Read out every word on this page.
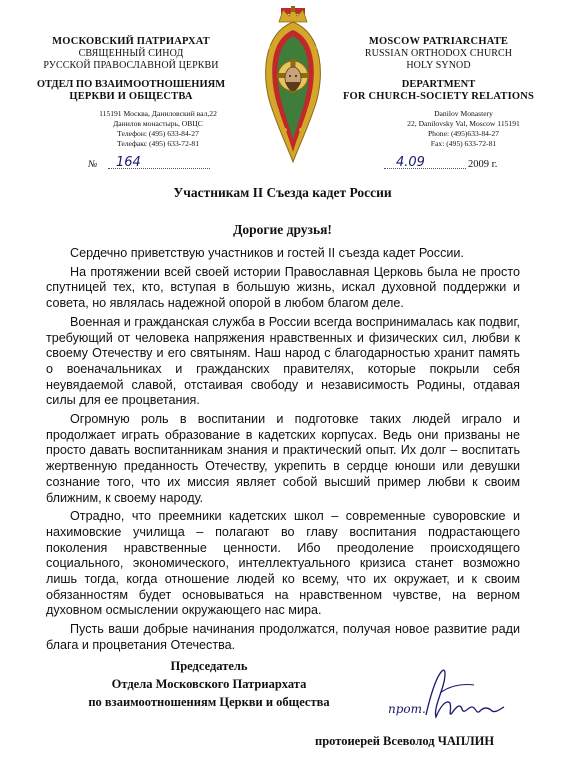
МОСКОВСКИЙ ПАТРИАРХАТ
СВЯЩЕННЫЙ СИНОД
РУССКОЙ ПРАВОСЛАВНОЙ ЦЕРКВИ
ОТДЕЛ ПО ВЗАИМООТНОШЕНИЯМ
ЦЕРКВИ И ОБЩЕСТВА
115191 Москва, Даниловский вал,22
Данилов монастырь, ОВЦС
Телефон: (495) 633-84-27
Телефакс (495) 633-72-81
MOSCOW PATRIARCHATE
RUSSIAN ORTHODOX CHURCH
HOLY SYNOD
DEPARTMENT
FOR CHURCH-SOCIETY RELATIONS
Danilov Monastery
22, Danilovsky Val, Moscow 115191
Phone: (495)633-84-27
Fax: (495) 633-72-81
№ 164	4.09	2009 г.
Участникам II Съезда кадет России
Дорогие друзья!

Сердечно приветствую участников и гостей II съезда кадет России.

На протяжении всей своей истории Православная Церковь была не просто спутницей тех, кто, вступая в большую жизнь, искал духовной поддержки и совета, но являлась надежной опорой в любом благом деле.

Военная и гражданская служба в России всегда воспринималась как подвиг, требующий от человека напряжения нравственных и физических сил, любви к своему Отечеству и его святыням. Наш народ с благодарностью хранит память о военачальниках и гражданских правителях, которые покрыли себя неувядаемой славой, отстаивая свободу и независимость Родины, отдавая силы для ее процветания.

Огромную роль в воспитании и подготовке таких людей играло и продолжает играть образование в кадетских корпусах. Ведь они призваны не просто давать воспитанникам знания и практический опыт. Их долг – воспитать жертвенную преданность Отечеству, укрепить в сердце юноши или девушки сознание того, что их миссия являет собой высший пример любви к своим ближним, к своему народу.

Отрадно, что преемники кадетских школ – современные суворовские и нахимовские училища – полагают во главу воспитания подрастающего поколения нравственные ценности. Ибо преодоление происходящего социального, экономического, интеллектуального кризиса станет возможно лишь тогда, когда отношение людей ко всему, что их окружает, и к своим обязанностям будет основываться на нравственном чувстве, на верном духовном осмыслении окружающего нас мира.

Пусть ваши добрые начинания продолжатся, получая новое развитие ради блага и процветания Отечества.

Председатель
Отдела Московского Патриархата
по взаимоотношениям Церкви и общества	прот.
протоиерей Всеволод ЧАПЛИН
